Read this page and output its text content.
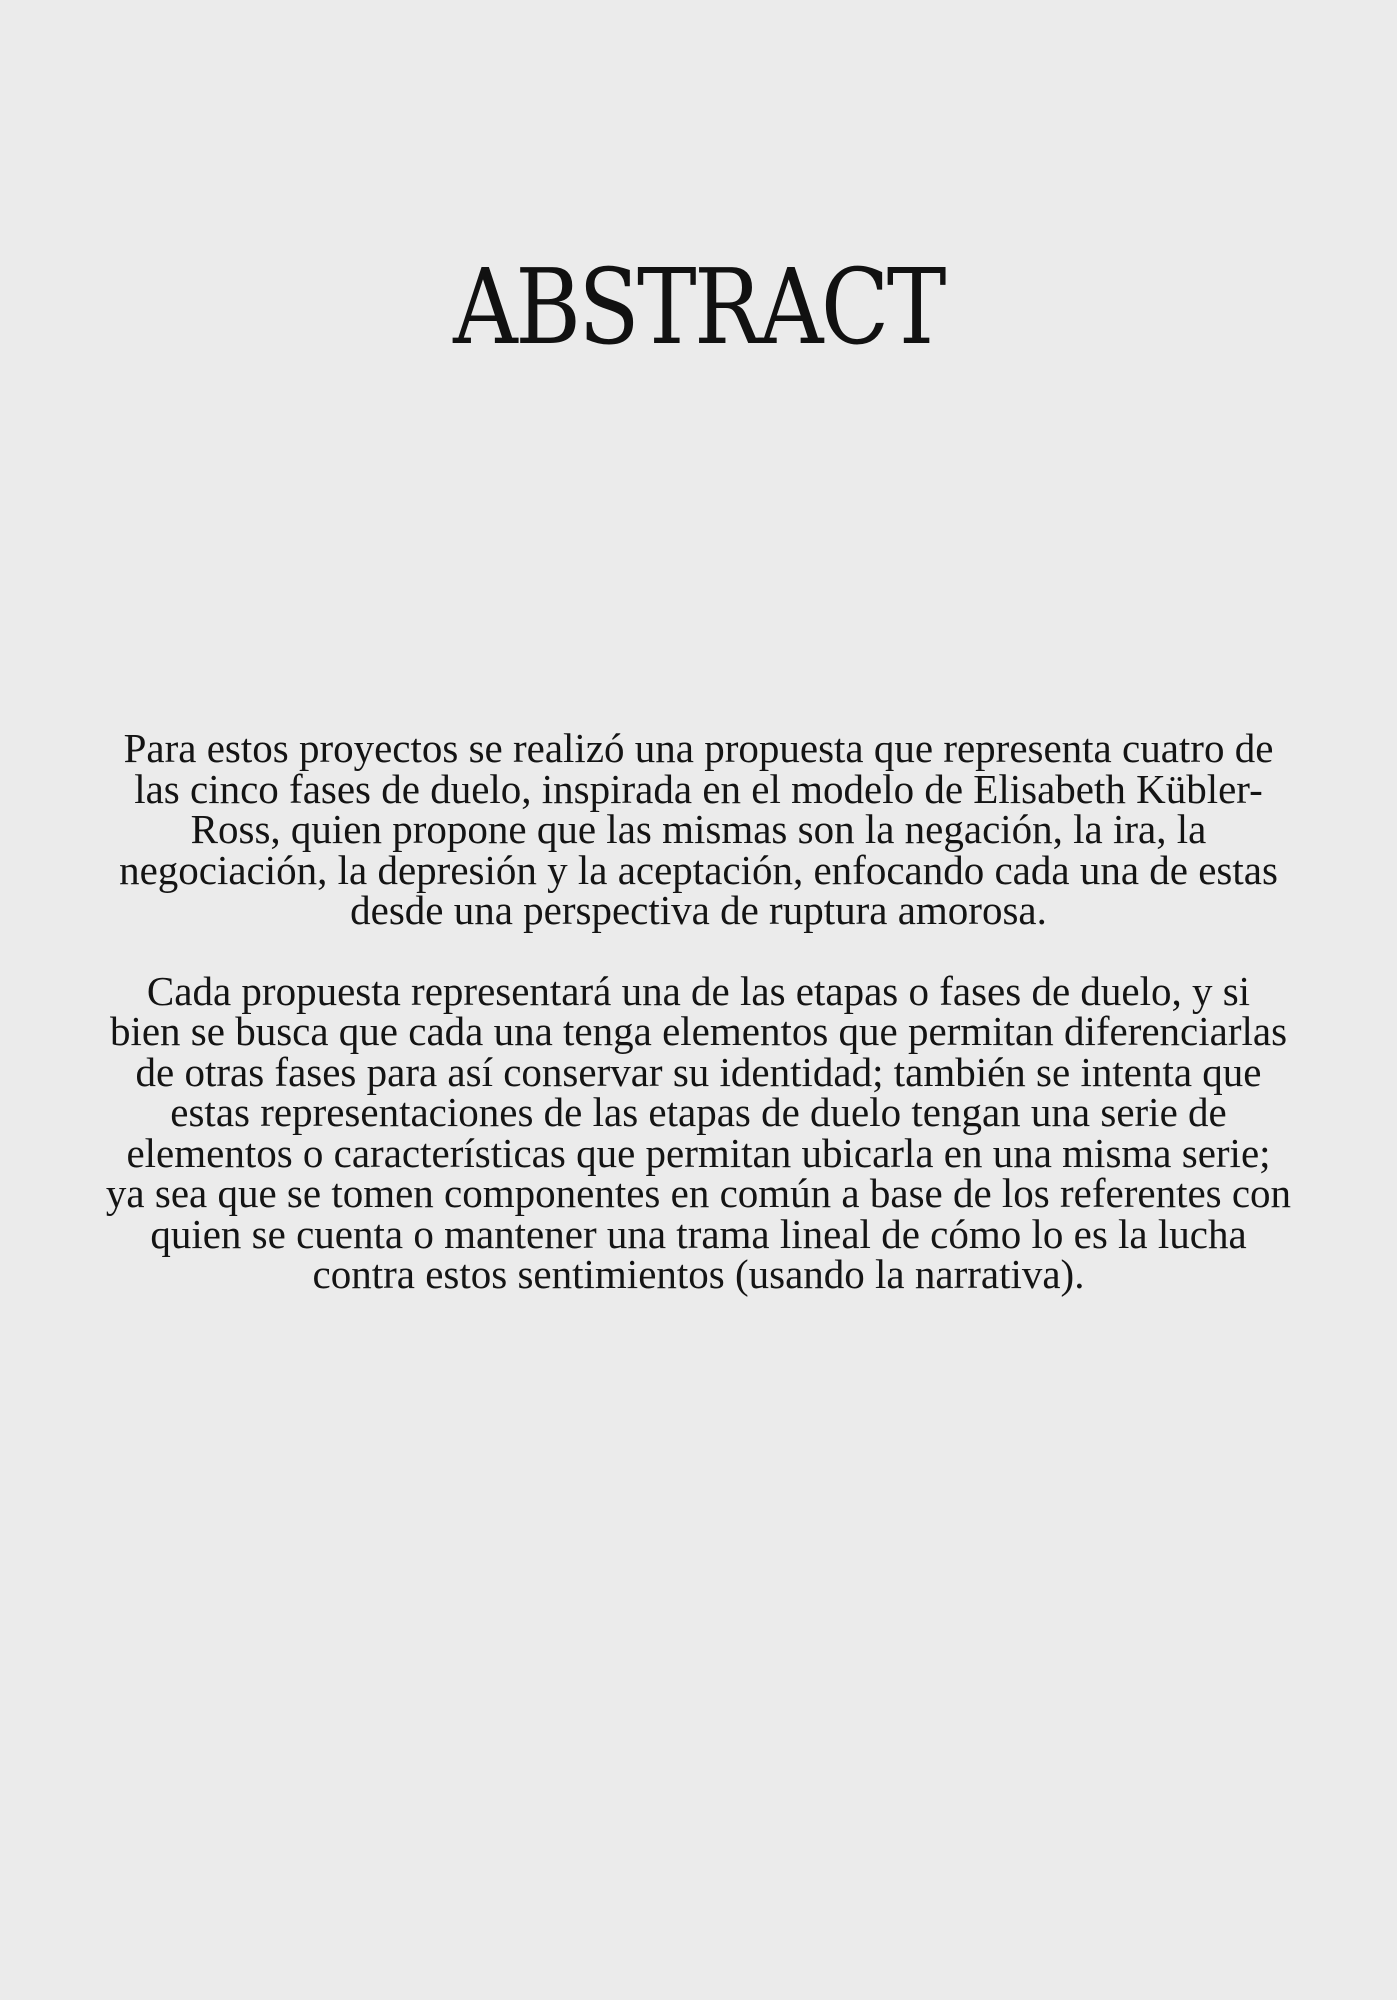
ABSTRACT

Para estos proyectos se realizó una propuesta que representa cuatro de
las cinco fases de duelo, inspirada en el modelo de Elisabeth Kübler-
Ross, quien propone que las mismas son la negación, la ira, la
negociación, la depresión y la aceptación, enfocando cada una de estas
desde una perspectiva de ruptura amorosa.

Cada propuesta representará una de las etapas o fases de duelo, y si
bien se busca que cada una tenga elementos que permitan diferenciarlas
de otras fases para así conservar su identidad; también se intenta que
estas representaciones de las etapas de duelo tengan una serie de
elementos o características que permitan ubicarla en una misma serie;
ya sea que se tomen componentes en común a base de los referentes con
quien se cuenta o mantener una trama lineal de cómo lo es la lucha
contra estos sentimientos (usando la narrativa).
